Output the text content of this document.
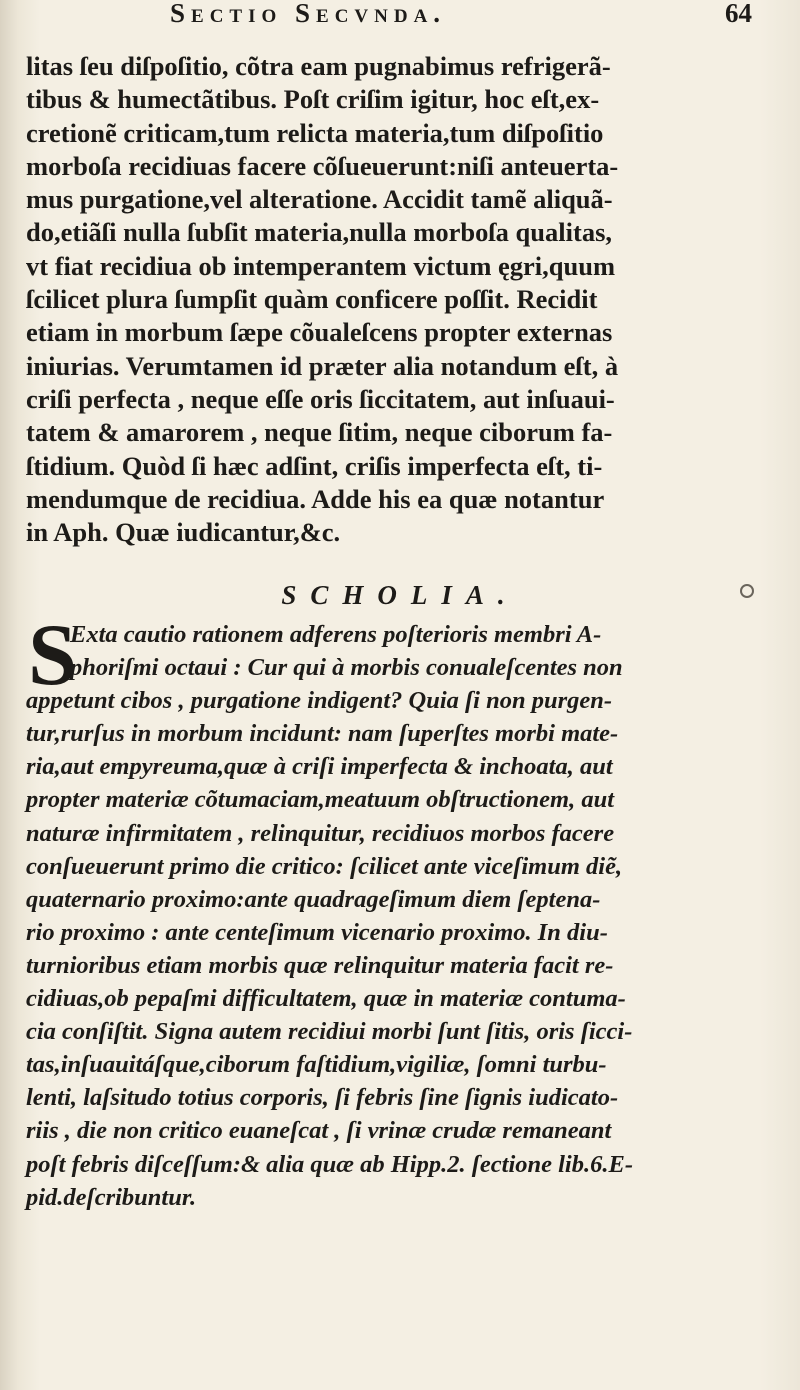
Sectio Secvnda.	64
litas ſeu diſpoſitio, cõtra eam pugnabimus refrigerã-
tibus & humectãtibus. Poſt criſim igitur, hoc eſt,ex-
cretionẽ criticam,tum relicta materia,tum diſpoſitio
morboſa recidiuas facere cõſueuerunt:niſi anteuerta-
mus purgatione,vel alteratione. Accidit tamẽ aliquã-
do,etiãſi nulla ſubſit materia,nulla morboſa qualitas,
vt fiat recidiua ob intemperantem victum ęgri,quum
ſcilicet plura ſumpſit quàm conficere poſſit. Recidit
etiam in morbum ſæpe cõualeſcens propter externas
iniurias. Verumtamen id præter alia notandum eſt, à
criſi perfecta , neque eſſe oris ſiccitatem, aut inſuaui-
tatem & amarorem , neque ſitim, neque ciborum fa-
ſtidium. Quòd ſi hæc adſint, criſis imperfecta eſt, ti-
mendumque de recidiua. Adde his ea quæ notantur
in Aph. Quæ iudicantur,&c.
SCHOLIA.
S
Exta cautio rationem adferens poſterioris membri A-
phoriſmi octaui : Cur qui à morbis conualeſcentes non
appetunt cibos , purgatione indigent? Quia ſi non purgen-
tur,rurſus in morbum incidunt: nam ſuperſtes morbi mate-
ria,aut empyreuma,quæ à criſi imperfecta & inchoata, aut
propter materiæ cõtumaciam,meatuum obſtructionem, aut
naturæ infirmitatem , relinquitur, recidiuos morbos facere
conſueuerunt primo die critico: ſcilicet ante viceſimum diẽ,
quaternario proximo:ante quadrageſimum diem ſeptena-
rio proximo : ante centeſimum vicenario proximo. In diu-
turnioribus etiam morbis quæ relinquitur materia facit re-
cidiuas,ob pepaſmi difficultatem, quæ in materiæ contuma-
cia conſiſtit. Signa autem recidiui morbi ſunt ſitis, oris ſicci-
tas,inſuauitáſque,ciborum faſtidium,vigiliæ, ſomni turbu-
lenti, laſsitudo totius corporis, ſi febris ſine ſignis iudicato-
riis , die non critico euaneſcat , ſi vrinæ crudæ remaneant
poſt febris diſceſſum:& alia quæ ab Hipp.2. ſectione lib.6.E-
pid.deſcribuntur.
